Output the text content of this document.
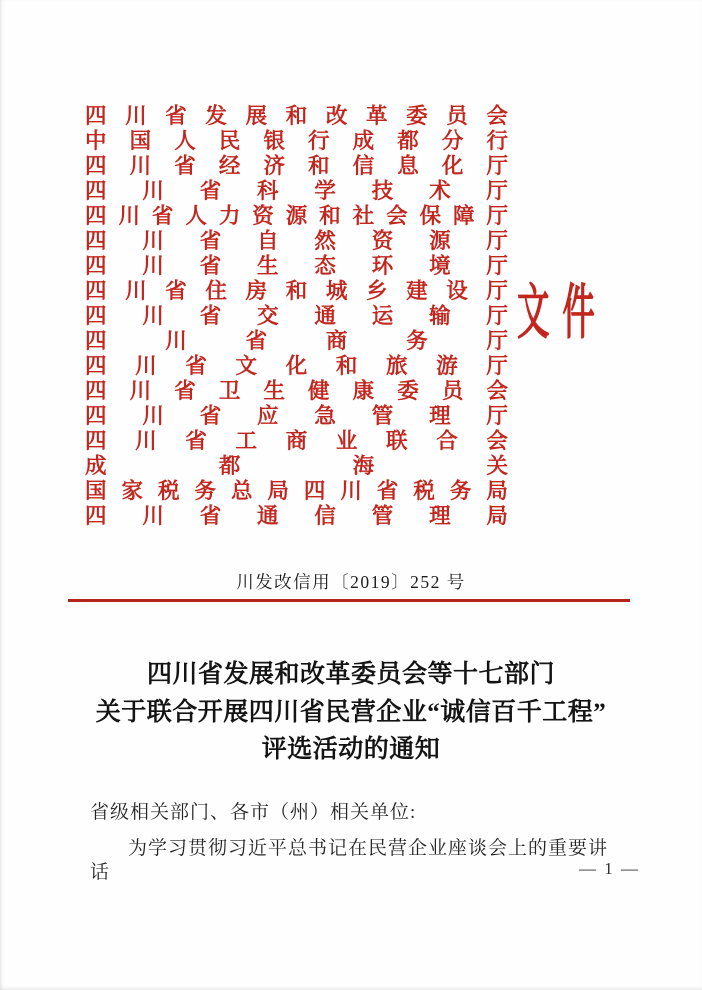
四 川 省 发 展 和 改 革 委 员 会
中 国 人 民 银 行 成 都 分 行
四 川 省 经 济 和 信 息 化 厅
四 川 省 科 学 技 术 厅
四 川 省 人 力 资 源 和 社 会 保 障 厅
四 川 省 自 然 资 源 厅
四 川 省 生 态 环 境 厅
四 川 省 住 房 和 城 乡 建 设 厅
四 川 省 交 通 运 输 厅
四	川	省	商	务	厅
四 川 省 文 化 和 旅 游 厅
四 川 省 卫 生 健 康 委 员 会
四 川 省 应 急 管 理 厅
四 川 省 工 商 业 联 合 会
成	都	海	关
国 家 税 务 总 局 四 川 省 税 务 局
四 川 省 通 信 管 理 局
文件
川发改信用〔2019〕252 号
四川省发展和改革委员会等十七部门
关于联合开展四川省民营企业“诚信百千工程”
评选活动的通知
省级相关部门、各市（州）相关单位:

为学习贯彻习近平总书记在民营企业座谈会上的重要讲话	— 1 —
